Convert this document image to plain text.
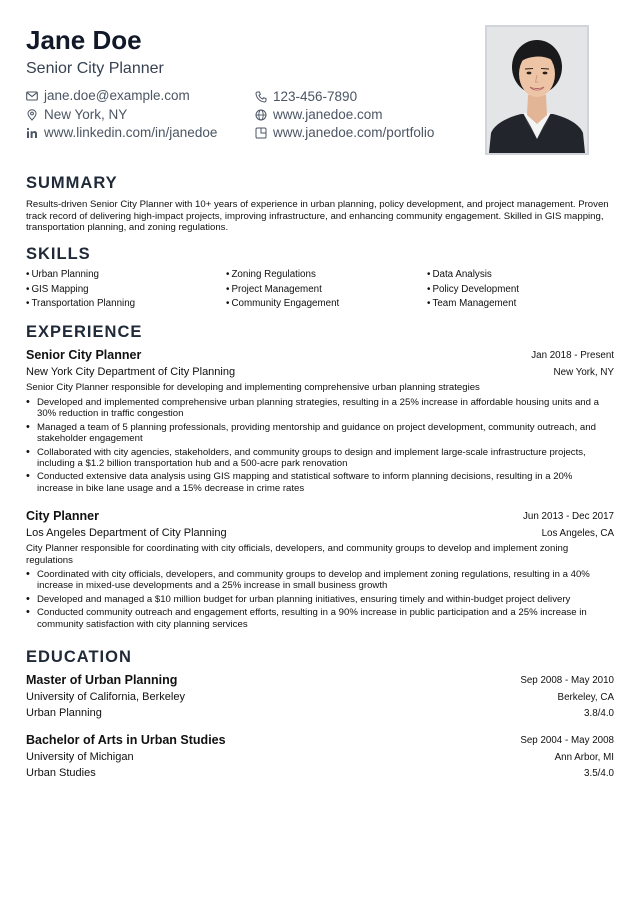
Jane Doe
Senior City Planner
jane.doe@example.com	123-456-7890
New York, NY	www.janedoe.com
www.linkedin.com/in/janedoe	www.janedoe.com/portfolio
SUMMARY
Results-driven Senior City Planner with 10+ years of experience in urban planning, policy development, and project management. Proven track record of delivering high-impact projects, improving infrastructure, and enhancing community engagement. Skilled in GIS mapping, transportation planning, and zoning regulations.
SKILLS
• Urban Planning	• Zoning Regulations	• Data Analysis
• GIS Mapping	• Project Management	• Policy Development
• Transportation Planning	• Community Engagement	• Team Management
EXPERIENCE
Senior City Planner	Jan 2018 - Present
New York City Department of City Planning	New York, NY
Senior City Planner responsible for developing and implementing comprehensive urban planning strategies
• Developed and implemented comprehensive urban planning strategies, resulting in a 25% increase in affordable housing units and a 30% reduction in traffic congestion
• Managed a team of 5 planning professionals, providing mentorship and guidance on project development, community outreach, and stakeholder engagement
• Collaborated with city agencies, stakeholders, and community groups to design and implement large-scale infrastructure projects, including a $1.2 billion transportation hub and a 500-acre park renovation
• Conducted extensive data analysis using GIS mapping and statistical software to inform planning decisions, resulting in a 20% increase in bike lane usage and a 15% decrease in crime rates
City Planner	Jun 2013 - Dec 2017
Los Angeles Department of City Planning	Los Angeles, CA
City Planner responsible for coordinating with city officials, developers, and community groups to develop and implement zoning regulations
• Coordinated with city officials, developers, and community groups to develop and implement zoning regulations, resulting in a 40% increase in mixed-use developments and a 25% increase in small business growth
• Developed and managed a $10 million budget for urban planning initiatives, ensuring timely and within-budget project delivery
• Conducted community outreach and engagement efforts, resulting in a 90% increase in public participation and a 25% increase in community satisfaction with city planning services
EDUCATION
Master of Urban Planning	Sep 2008 - May 2010
University of California, Berkeley	Berkeley, CA
Urban Planning	3.8/4.0
Bachelor of Arts in Urban Studies	Sep 2004 - May 2008
University of Michigan	Ann Arbor, MI
Urban Studies	3.5/4.0
